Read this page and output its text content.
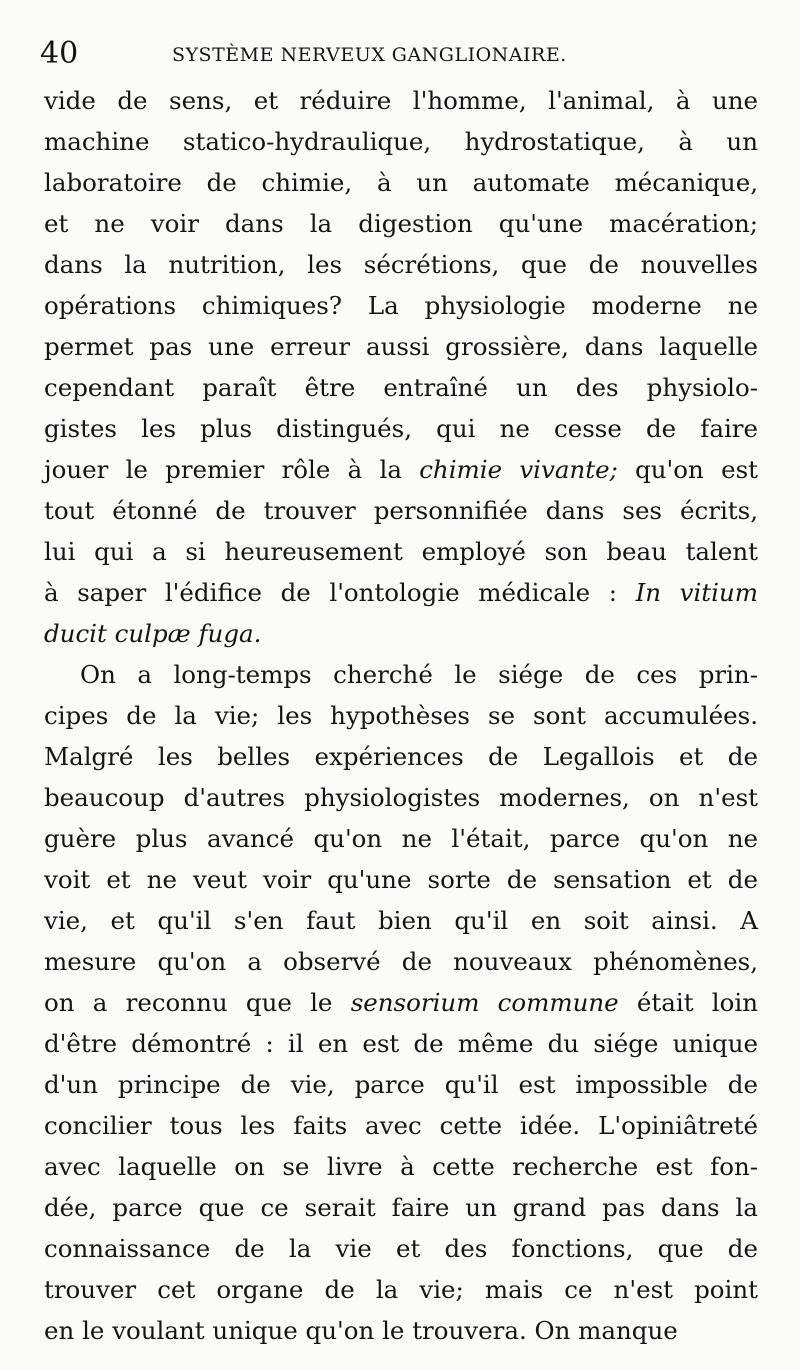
40	SYSTÈME NERVEUX GANGLIONAIRE.
vide de sens, et réduire l'homme, l'animal, à une
machine statico-hydraulique, hydrostatique, à un
laboratoire de chimie, à un automate mécanique,
et ne voir dans la digestion qu'une macération;
dans la nutrition, les sécrétions, que de nouvelles
opérations chimiques? La physiologie moderne ne
permet pas une erreur aussi grossière, dans laquelle
cependant paraît être entraîné un des physiolo-
gistes les plus distingués, qui ne cesse de faire
jouer le premier rôle à la chimie vivante; qu'on est
tout étonné de trouver personnifiée dans ses écrits,
lui qui a si heureusement employé son beau talent
à saper l'édifice de l'ontologie médicale : In vitium
ducit culpæ fuga.
On a long-temps cherché le siége de ces prin-
cipes de la vie; les hypothèses se sont accumulées.
Malgré les belles expériences de Legallois et de
beaucoup d'autres physiologistes modernes, on n'est
guère plus avancé qu'on ne l'était, parce qu'on ne
voit et ne veut voir qu'une sorte de sensation et de
vie, et qu'il s'en faut bien qu'il en soit ainsi. A
mesure qu'on a observé de nouveaux phénomènes,
on a reconnu que le sensorium commune était loin
d'être démontré : il en est de même du siége unique
d'un principe de vie, parce qu'il est impossible de
concilier tous les faits avec cette idée. L'opiniâtreté
avec laquelle on se livre à cette recherche est fon-
dée, parce que ce serait faire un grand pas dans la
connaissance de la vie et des fonctions, que de
trouver cet organe de la vie; mais ce n'est point
en le voulant unique qu'on le trouvera. On manque
